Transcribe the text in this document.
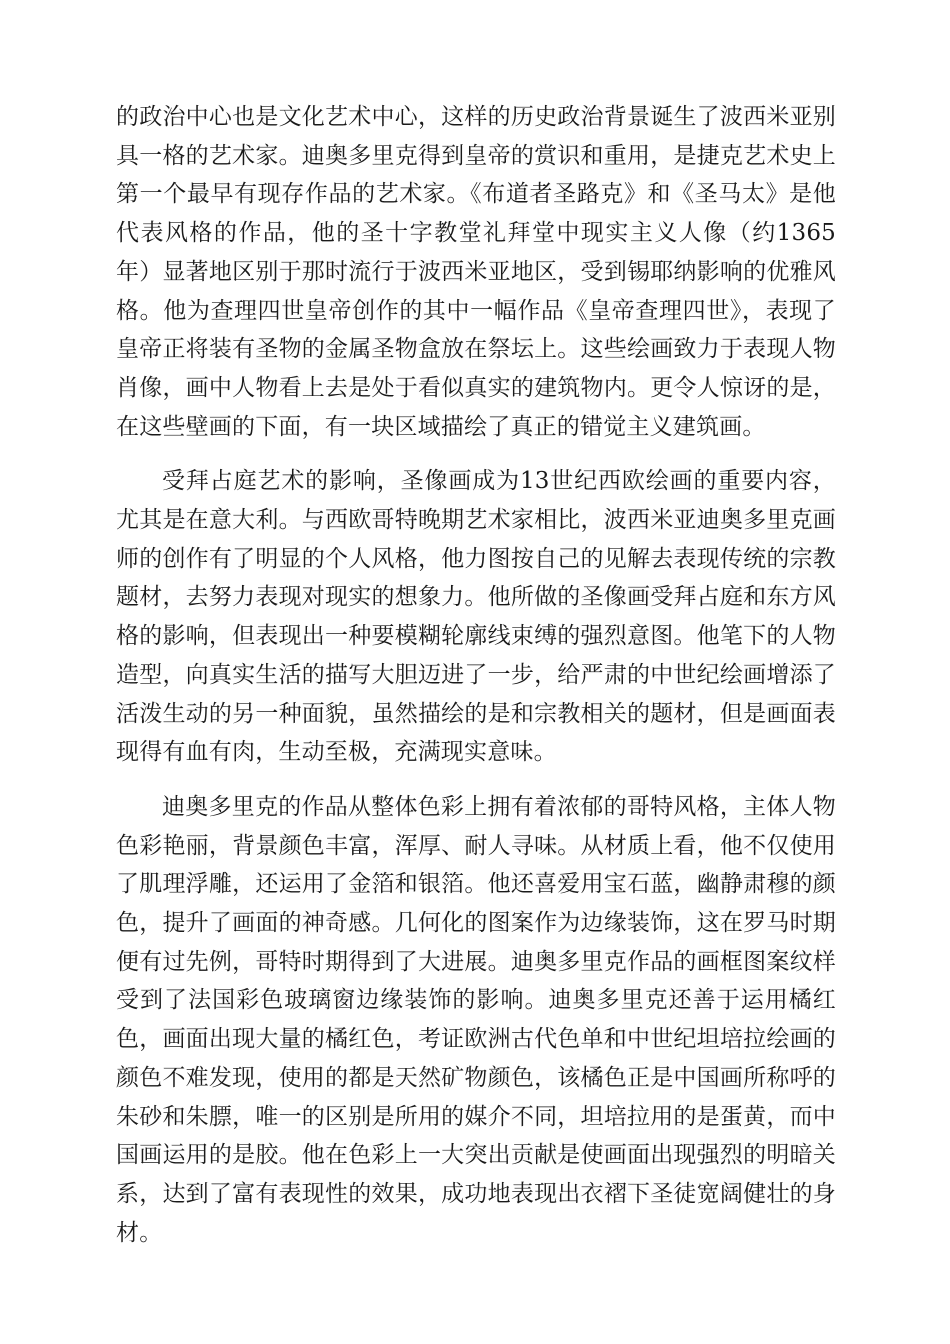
的政治中心也是文化艺术中心，这样的历史政治背景诞生了波西米亚别具一格的艺术家。迪奥多里克得到皇帝的赏识和重用，是捷克艺术史上第一个最早有现存作品的艺术家。《布道者圣路克》和《圣马太》是他代表风格的作品，他的圣十字教堂礼拜堂中现实主义人像（约1365年）显著地区别于那时流行于波西米亚地区，受到锡耶纳影响的优雅风格。他为查理四世皇帝创作的其中一幅作品《皇帝查理四世》，表现了皇帝正将装有圣物的金属圣物盒放在祭坛上。这些绘画致力于表现人物肖像，画中人物看上去是处于看似真实的建筑物内。更令人惊讶的是，在这些壁画的下面，有一块区域描绘了真正的错觉主义建筑画。

受拜占庭艺术的影响，圣像画成为13世纪西欧绘画的重要内容，尤其是在意大利。与西欧哥特晚期艺术家相比，波西米亚迪奥多里克画师的创作有了明显的个人风格，他力图按自己的见解去表现传统的宗教题材，去努力表现对现实的想象力。他所做的圣像画受拜占庭和东方风格的影响，但表现出一种要模糊轮廓线束缚的强烈意图。他笔下的人物造型，向真实生活的描写大胆迈进了一步，给严肃的中世纪绘画增添了活泼生动的另一种面貌，虽然描绘的是和宗教相关的题材，但是画面表现得有血有肉，生动至极，充满现实意味。

迪奥多里克的作品从整体色彩上拥有着浓郁的哥特风格，主体人物色彩艳丽，背景颜色丰富，浑厚、耐人寻味。从材质上看，他不仅使用了肌理浮雕，还运用了金箔和银箔。他还喜爱用宝石蓝，幽静肃穆的颜色，提升了画面的神奇感。几何化的图案作为边缘装饰，这在罗马时期便有过先例，哥特时期得到了大进展。迪奥多里克作品的画框图案纹样受到了法国彩色玻璃窗边缘装饰的影响。迪奥多里克还善于运用橘红色，画面出现大量的橘红色，考证欧洲古代色单和中世纪坦培拉绘画的颜色不难发现，使用的都是天然矿物颜色，该橘色正是中国画所称呼的朱砂和朱膘，唯一的区别是所用的媒介不同，坦培拉用的是蛋黄，而中国画运用的是胶。他在色彩上一大突出贡献是使画面出现强烈的明暗关系，达到了富有表现性的效果，成功地表现出衣褶下圣徒宽阔健壮的身材。
